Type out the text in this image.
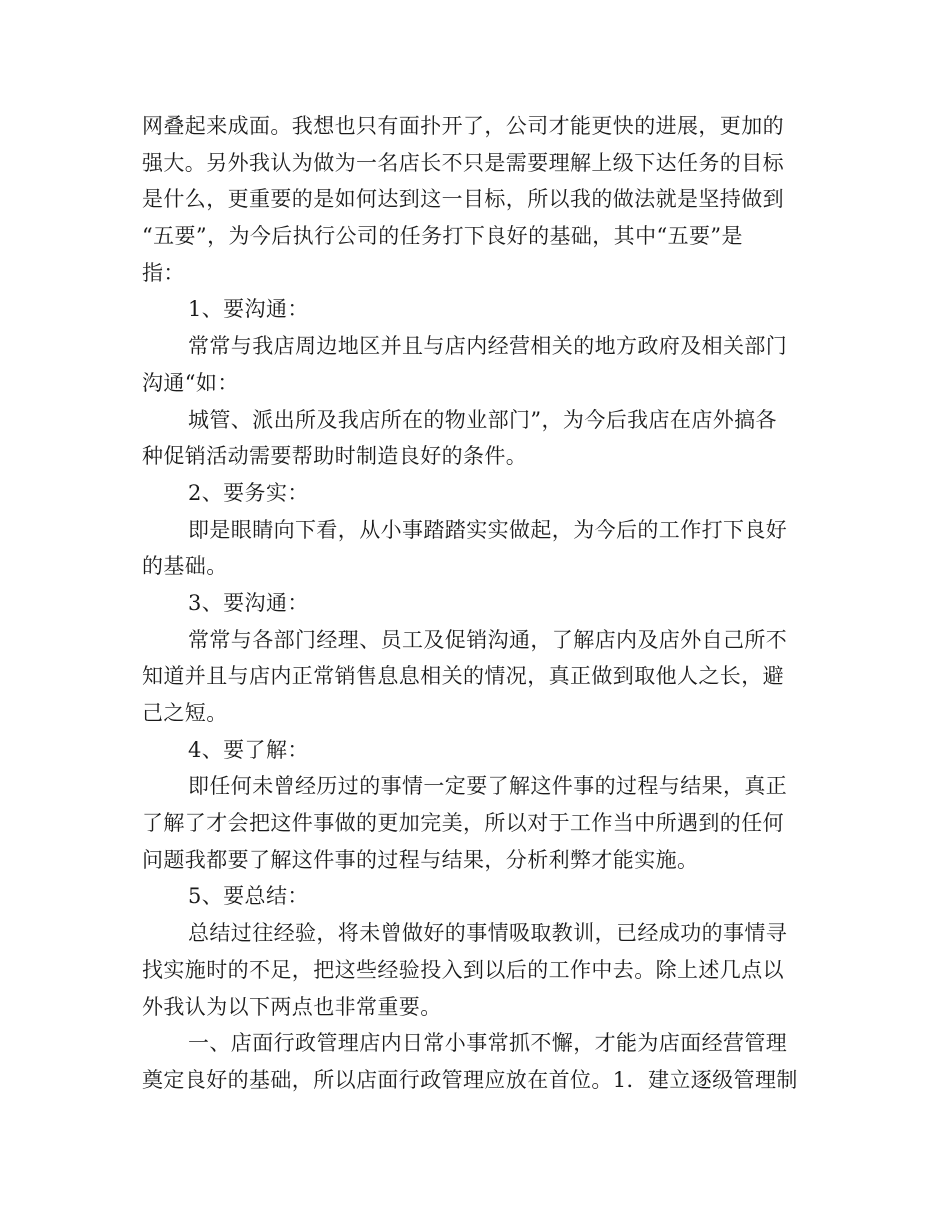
网叠起来成面。我想也只有面扑开了，公司才能更快的进展，更加的
强大。另外我认为做为一名店长不只是需要理解上级下达任务的目标
是什么，更重要的是如何达到这一目标，所以我的做法就是坚持做到
“五要”，为今后执行公司的任务打下良好的基础，其中“五要”是
指：
1、要沟通：
常常与我店周边地区并且与店内经营相关的地方政府及相关部门
沟通“如：
城管、派出所及我店所在的物业部门”，为今后我店在店外搞各
种促销活动需要帮助时制造良好的条件。
2、要务实：
即是眼睛向下看，从小事踏踏实实做起，为今后的工作打下良好
的基础。
3、要沟通：
常常与各部门经理、员工及促销沟通，了解店内及店外自己所不
知道并且与店内正常销售息息相关的情况，真正做到取他人之长，避
己之短。
4、要了解：
即任何未曾经历过的事情一定要了解这件事的过程与结果，真正
了解了才会把这件事做的更加完美，所以对于工作当中所遇到的任何
问题我都要了解这件事的过程与结果，分析利弊才能实施。
5、要总结：
总结过往经验，将未曾做好的事情吸取教训，已经成功的事情寻
找实施时的不足，把这些经验投入到以后的工作中去。除上述几点以
外我认为以下两点也非常重要。
一、店面行政管理店内日常小事常抓不懈，才能为店面经营管理
奠定良好的基础，所以店面行政管理应放在首位。1．建立逐级管理制
